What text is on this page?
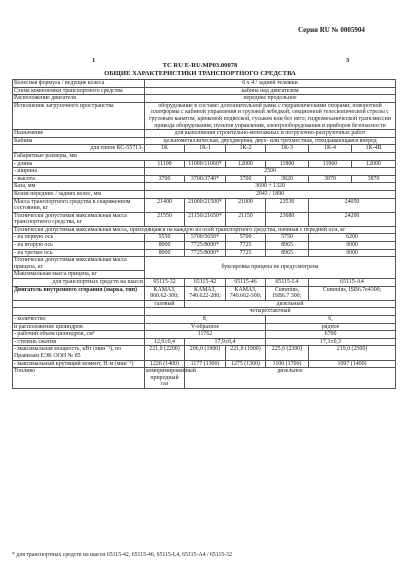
Серия RU № 0005904
1	3
ТС RU E-RU.MP03.00078
ОБЩИЕ ХАРАКТЕРИСТИКИ ТРАНСПОРТНОГО СРЕДСТВА
Колесная формула / ведущие колеса	6 х 4 / задней тележки					
Схема компоновки транспортного средства	кабина над двигателем					
Расположение двигателя	переднее продольное					
Исполнение загрузочного пространства	оборудование в составе: дополнительной рамы с гидравлическими опорами; поворотной платформы с кабиной управления и грузовой лебедкой; секционной телескопической стрелы с грузовым канатом, крюковой подвеской, гуськом или без него; гидромеханической трансмиссии привода оборудования; пультов управления, электрооборудования и приборов безопасности					
Назначение	для выполнения строительно-монтажных и погрузочно-разгрузочных работ					
Кабина	цельнометаллическая, двухдверная, двух- или трехместная, откидывающаяся вперед					
для типов КС-55713-	1К	1К-1	1К-2	1К-3	1К-4	1К-4В
Габаритные размеры, мм						
- длина	11100	11000/11060*	12000	11800	11960	12000
- ширина	2500					
- высота	3700	3700/3740*	3700	3820	3870	3870
База, мм	3690 + 1320					
Колея передних / задних колес, мм	2043 / 1890					
Масса транспортного средства в снаряженном состоянии, кг	21400	21000/21500*	21000	23530	24050	
Технически допустимая максимальная масса транспортного средства, кг	21550	21150/21650*	21150	23680	24200	
Технически допустимая максимальная масса, приходящаяся на каждую из осей транспортного средства, начиная с передней оси, кг						
- на первую ось	5550	5700/5650*	5700	5750	6200	
- на вторую ось	8000	7725/8000*	7725	8965	9000	
- на третью ось	8000	7725/8000*	7725	8965	9000	
Технически допустимая максимальная масса прицепа, кг	буксировка прицепа не предусмотрена					
Максимальная масса прицепа, кг						
для транспортных средств на шасси	65115-32	65115-42	65115-46	65115-L4	65115-A4	
Двигатель внутреннего сгорания (марка, тип)	КАМАЗ, 860.62-300;	КАМАЗ, 740.622-280;	КАМАЗ, 740.662-300;	Cummins, ISB6.7 300;	Cummins, ISB6.7e4300;	
	газовый	дизельный				
	четырехтактный					
- количество	8,			6,		
и расположение цилиндров	V-образное			рядное		
- рабочий объем цилиндров, см³	11762			6700		
- степень сжатия	12,0±0,4	17,9±0,4		17,3±0,3		
- максимальная мощность, кВт (мин⁻¹), по Правилам ЕЭК ООН № 85	221,0 (2200)	206,0 (1900)	221,0 (1900)	225,6 (2300)	219,0 (2500)	
- максимальный крутящий момент, Н·м (мин⁻¹)	1226 (1400)	1177 (1300)	1275 (1300)	1100 (1700)	1097 (1400)	
Топливо	компримированный природный газ	дизельное				
* для транспортных средств на шасси 65115-42, 65115-46, 65115-L4, 65115-A4 / 65115-32
